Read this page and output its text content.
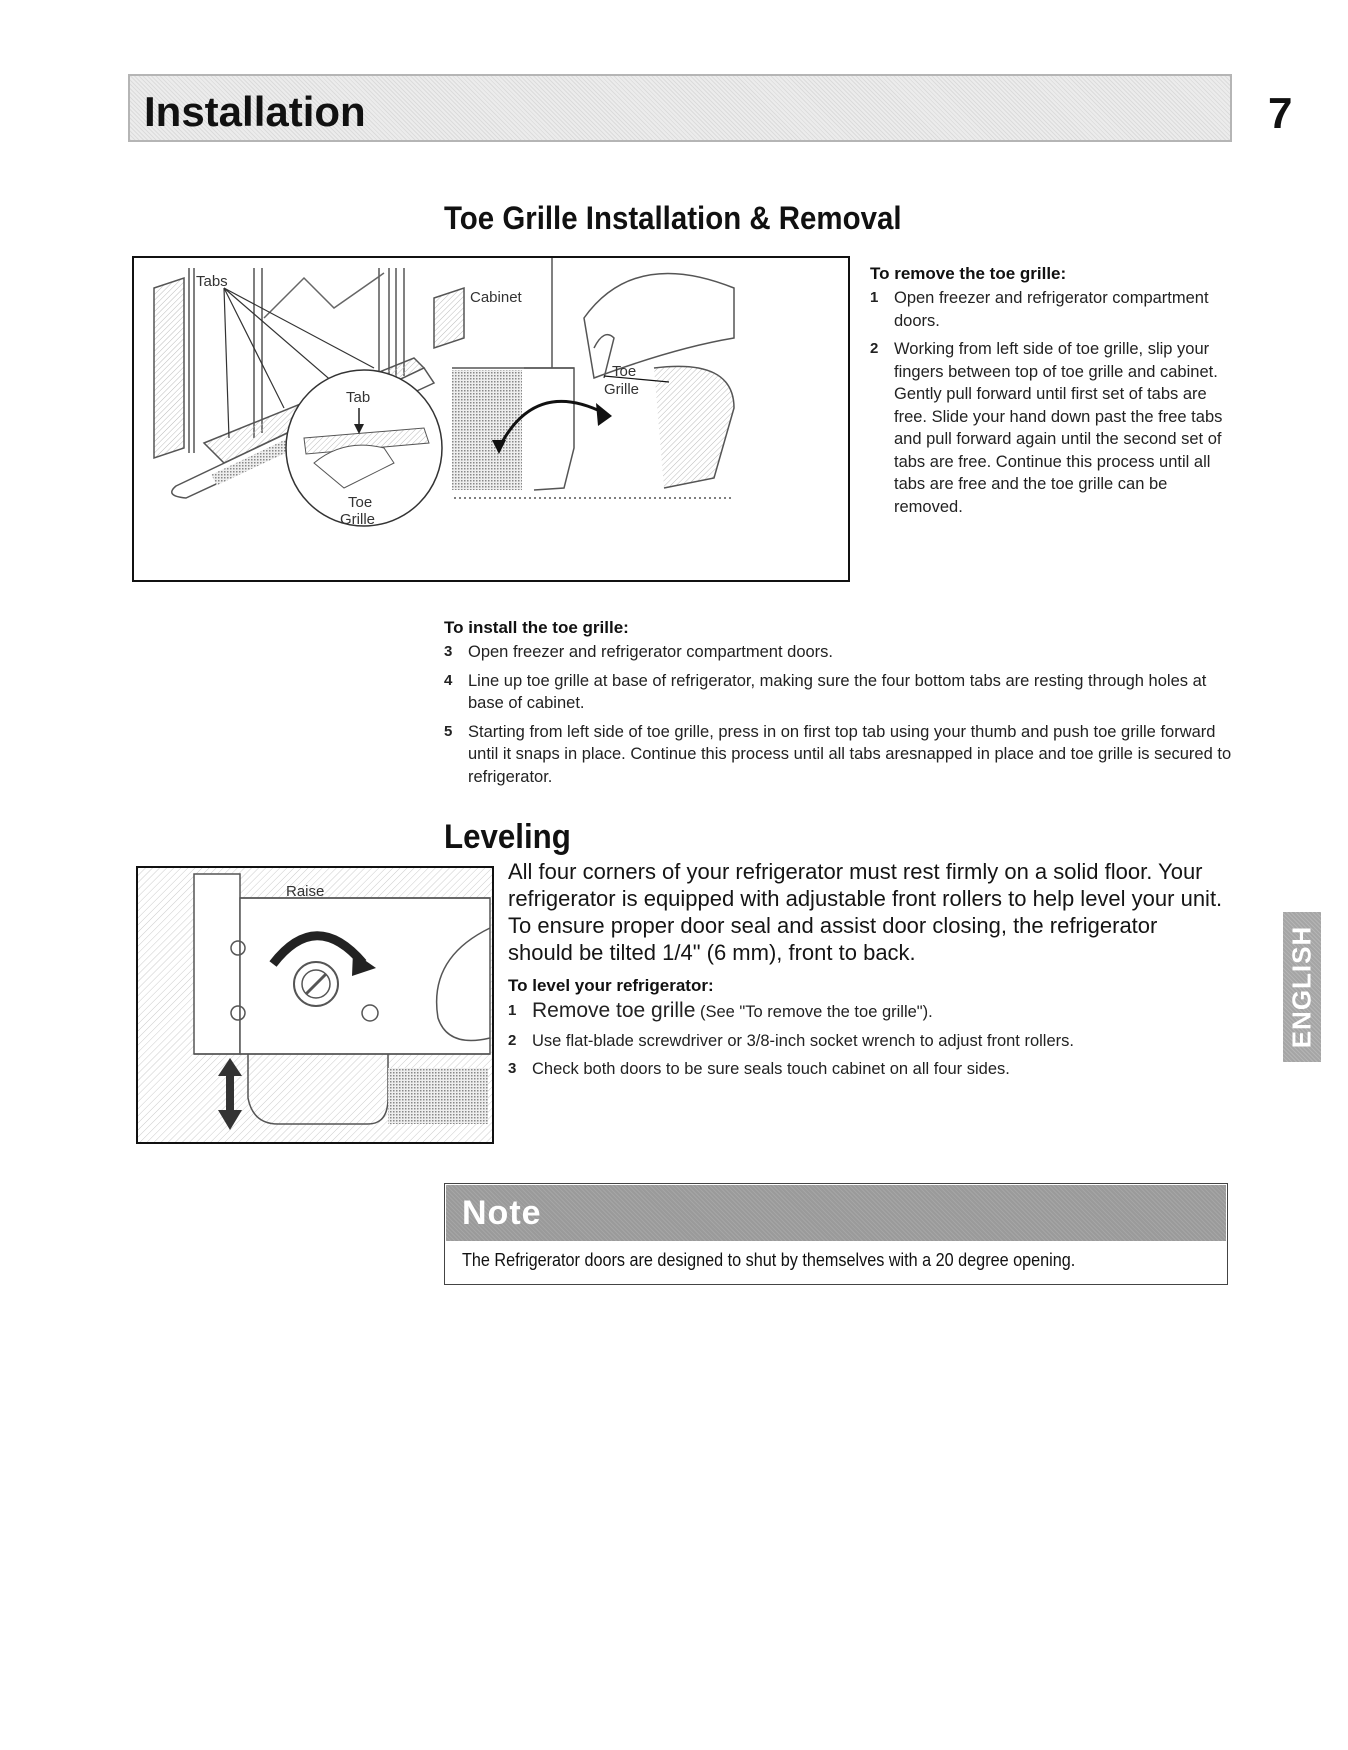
Installation	7
Toe Grille Installation & Removal
Tabs
Tab
Toe
Grille
Cabinet
Toe
Grille
To remove the toe grille:
1 Open freezer and refrigerator compartment doors.
2 Working from left side of toe grille, slip your fingers between top of toe grille and cabinet. Gently pull forward until first set of tabs are free. Slide your hand down past the free tabs and pull forward again until the second set of tabs are free. Continue this process until all tabs are free and the toe grille can be removed.
To install the toe grille:
3 Open freezer and refrigerator compartment doors.
4 Line up toe grille at base of refrigerator, making sure the four bottom tabs are resting through holes at base of cabinet.
5 Starting from left side of toe grille, press in on first top tab using your thumb and push toe grille forward until it snaps in place. Continue this process until all tabs aresnapped in place and toe grille is secured to refrigerator.
Leveling
Raise
All four corners of your refrigerator must rest firmly on a solid floor. Your refrigerator is equipped with adjustable front rollers to help level your unit. To ensure proper door seal and assist door closing, the refrigerator should be tilted 1/4" (6 mm), front to back.
To level your refrigerator:
1 Remove toe grille (See "To remove the toe grille").
2 Use flat-blade screwdriver or 3/8-inch socket wrench to adjust front rollers.
3 Check both doors to be sure seals touch cabinet on all four sides.
ENGLISH
Note
The Refrigerator doors are designed to shut by themselves with a 20 degree opening.
